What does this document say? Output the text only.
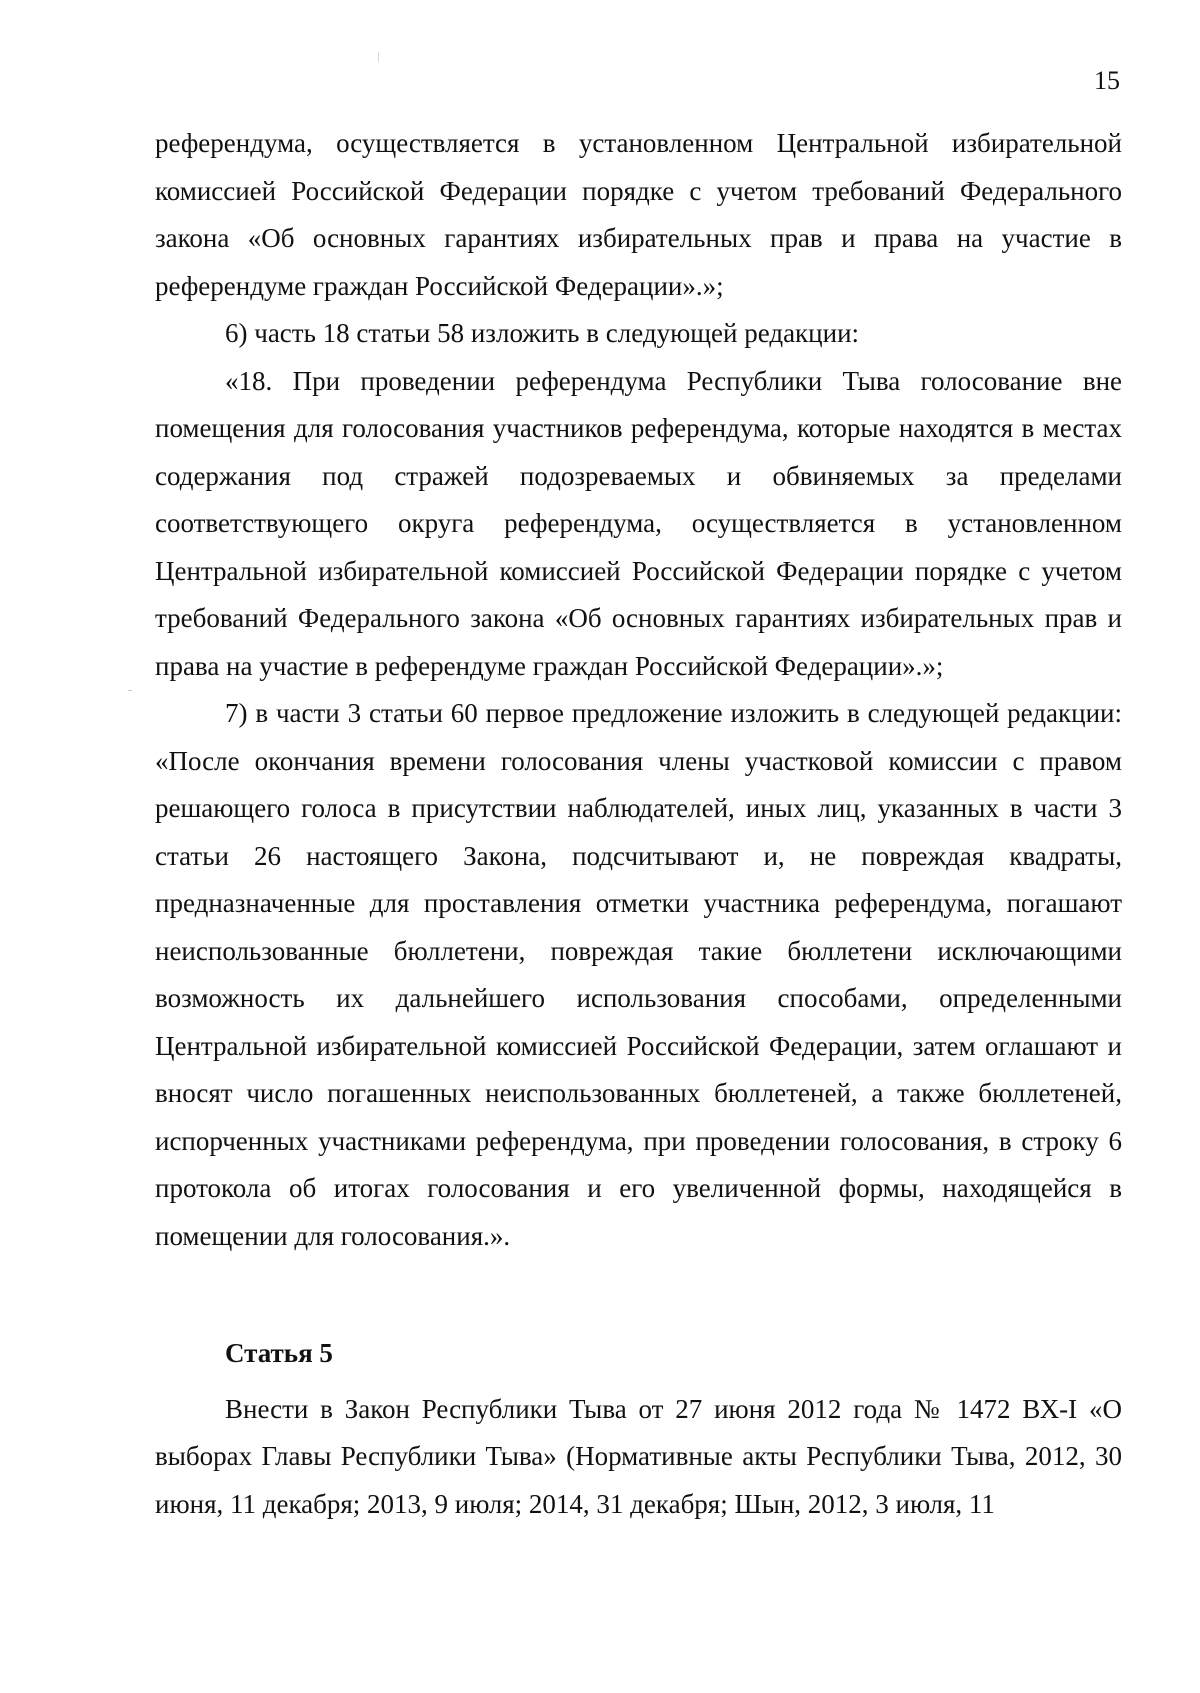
15

референдума, осуществляется в установленном Центральной избирательной комиссией Российской Федерации порядке с учетом требований Федерального закона «Об основных гарантиях избирательных прав и права на участие в референдуме граждан Российской Федерации».»;

6) часть 18 статьи 58 изложить в следующей редакции:

«18. При проведении референдума Республики Тыва голосование вне помещения для голосования участников референдума, которые находятся в местах содержания под стражей подозреваемых и обвиняемых за пределами соответствующего округа референдума, осуществляется в установленном Центральной избирательной комиссией Российской Федерации порядке с учетом требований Федерального закона «Об основных гарантиях избирательных прав и права на участие в референдуме граждан Российской Федерации».»;

7) в части 3 статьи 60 первое предложение изложить в следующей редакции: «После окончания времени голосования члены участковой комиссии с правом решающего голоса в присутствии наблюдателей, иных лиц, указанных в части 3 статьи 26 настоящего Закона, подсчитывают и, не повреждая квадраты, предназначенные для проставления отметки участника референдума, погашают неиспользованные бюллетени, повреждая такие бюллетени исключающими возможность их дальнейшего использования способами, определенными Центральной избирательной комиссией Российской Федерации, затем оглашают и вносят число погашенных неиспользованных бюллетеней, а также бюллетеней, испорченных участниками референдума, при проведении голосования, в строку 6 протокола об итогах голосования и его увеличенной формы, находящейся в помещении для голосования.».

Статья 5

Внести в Закон Республики Тыва от 27 июня 2012 года № 1472 ВХ-I «О выборах Главы Республики Тыва» (Нормативные акты Республики Тыва, 2012, 30 июня, 11 декабря; 2013, 9 июля; 2014, 31 декабря; Шын, 2012, 3 июля, 11
